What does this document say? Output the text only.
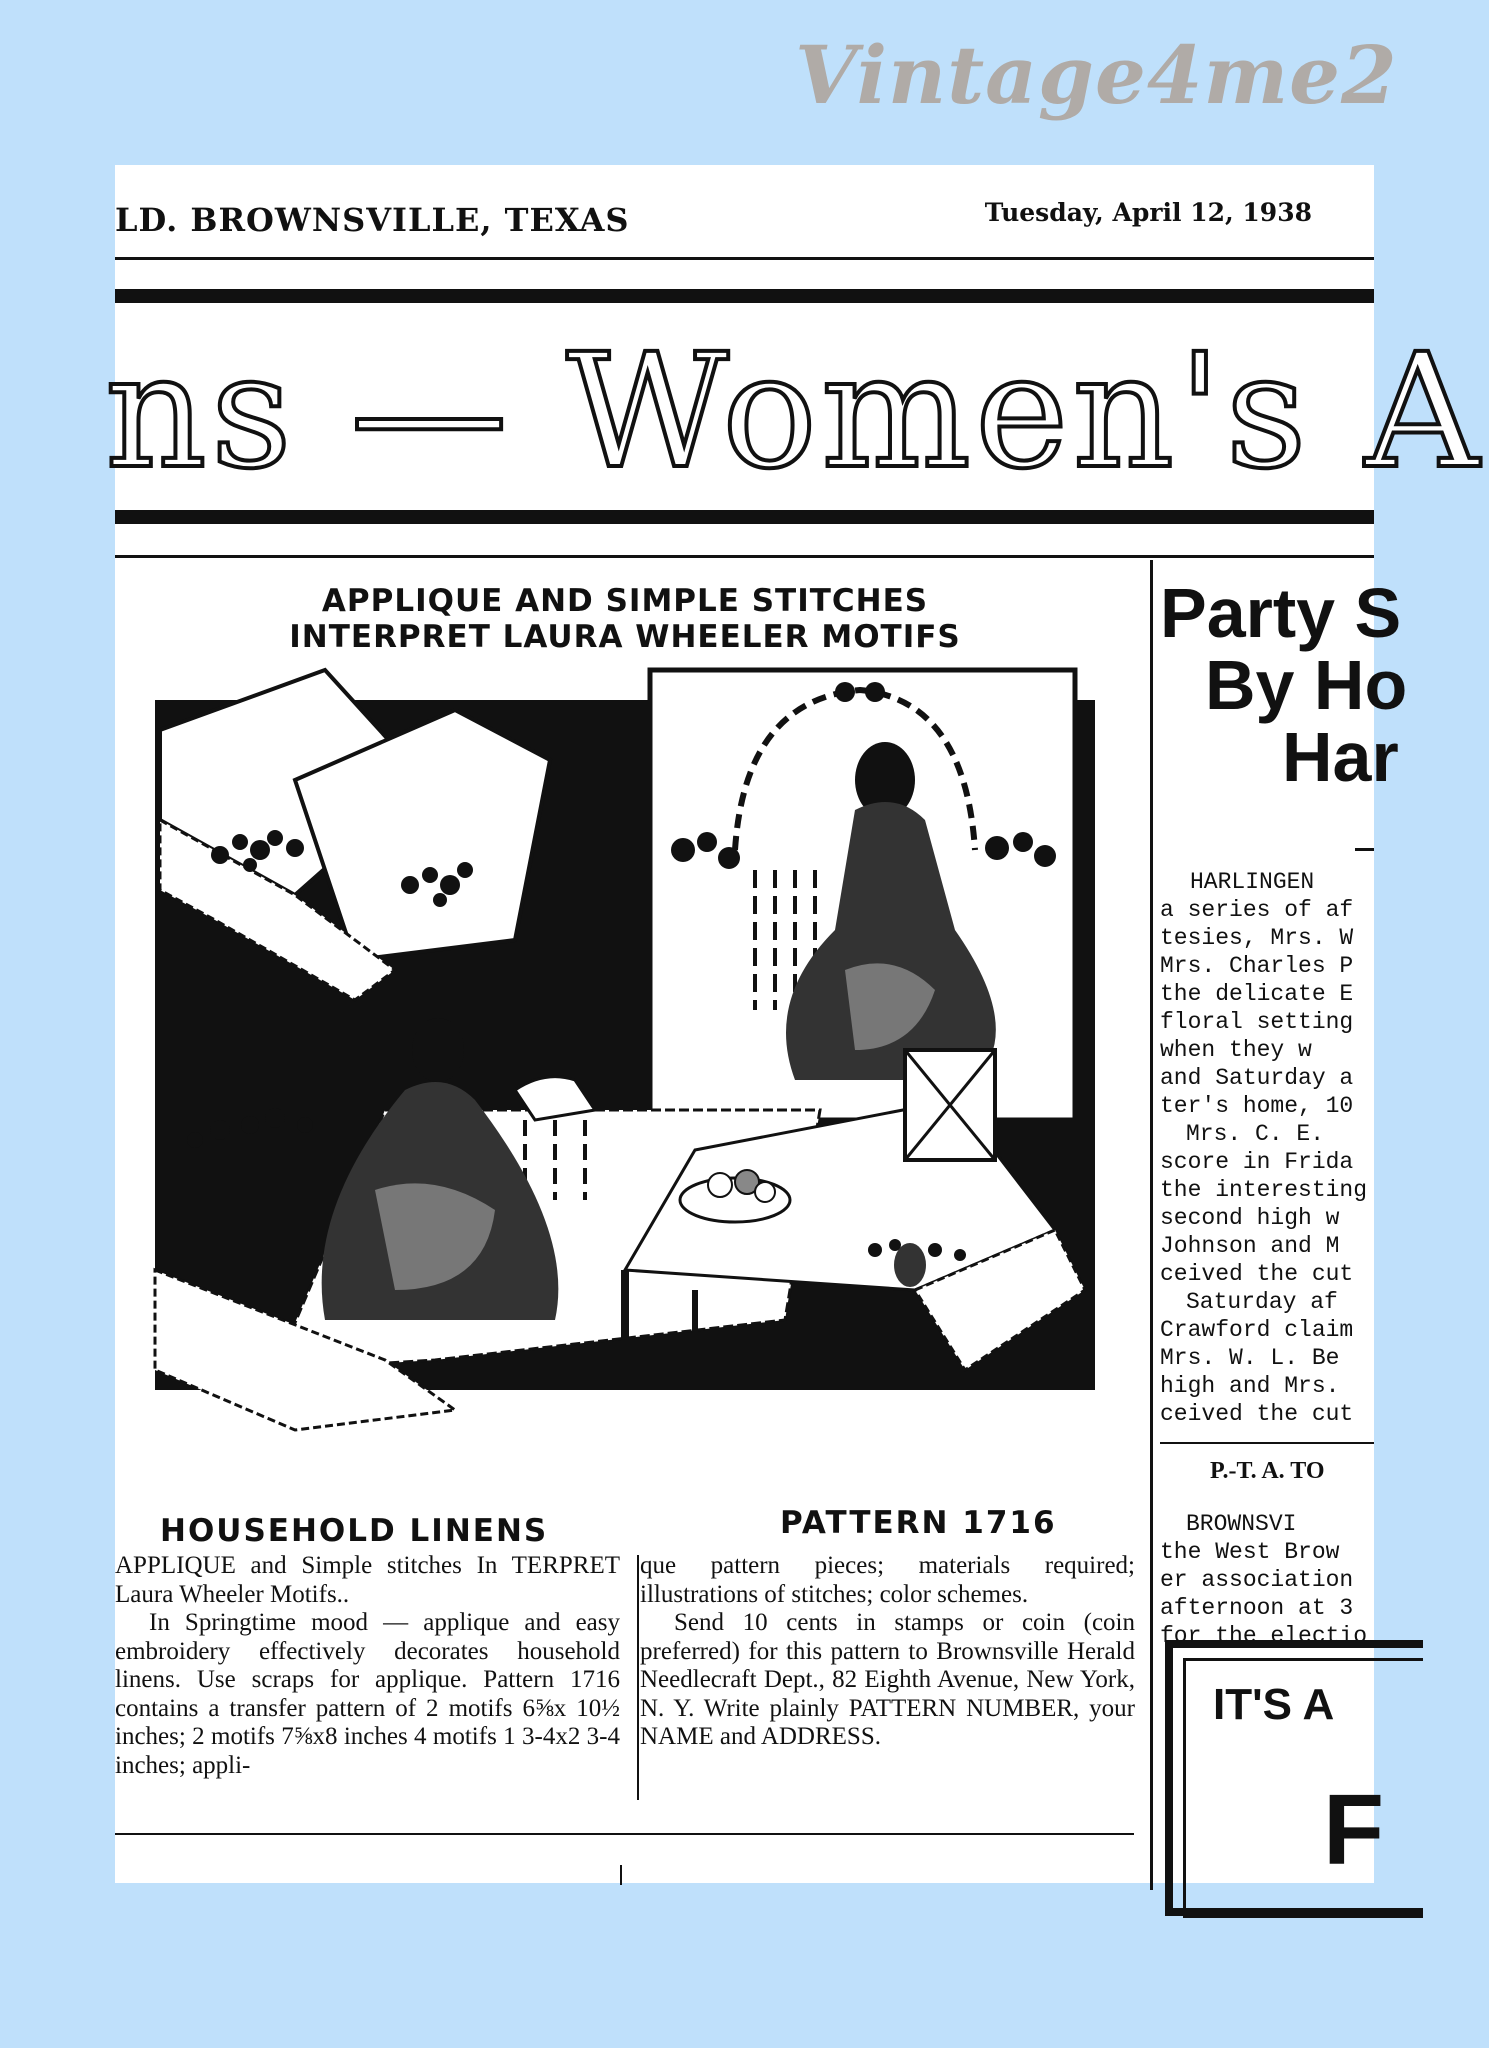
Vintage4me2
LD. BROWNSVILLE, TEXAS	Tuesday, April 12, 1938
ns — Women's A
APPLIQUE AND SIMPLE STITCHES
INTERPRET LAURA WHEELER MOTIFS
HOUSEHOLD LINENS	PATTERN 1716

APPLIQUE and Simple stitches In TERPRET Laura Wheeler Motifs..

In Springtime mood — applique and easy embroidery effectively decorates household linens. Use scraps for applique. Pattern 1716 contains a transfer pattern of 2 motifs 6⅝x 10½ inches; 2 motifs 7⅝x8 inches 4 motifs 1 3-4x2 3-4 inches; appli-

que pattern pieces; materials required; illustrations of stitches; color schemes.

Send 10 cents in stamps or coin (coin preferred) for this pattern to Brownsville Herald Needlecraft Dept., 82 Eighth Avenue, New York, N. Y. Write plainly PATTERN NUMBER, your NAME and ADDRESS.

Party S
By Ho
Har
HARLINGEN
a series of af
tesies, Mrs. W
Mrs. Charles P
the delicate E
floral setting
when they w
and Saturday a
ter's home, 10
Mrs. C. E.
score in Frida
the interesting
second high w
Johnson and M
ceived the cut
Saturday af
Crawford claim
Mrs. W. L. Be
high and Mrs.
ceived the cut
P.-T. A. TO
BROWNSVI
the West Brow
er association
afternoon at 3
for the electio
IT'S A
F
